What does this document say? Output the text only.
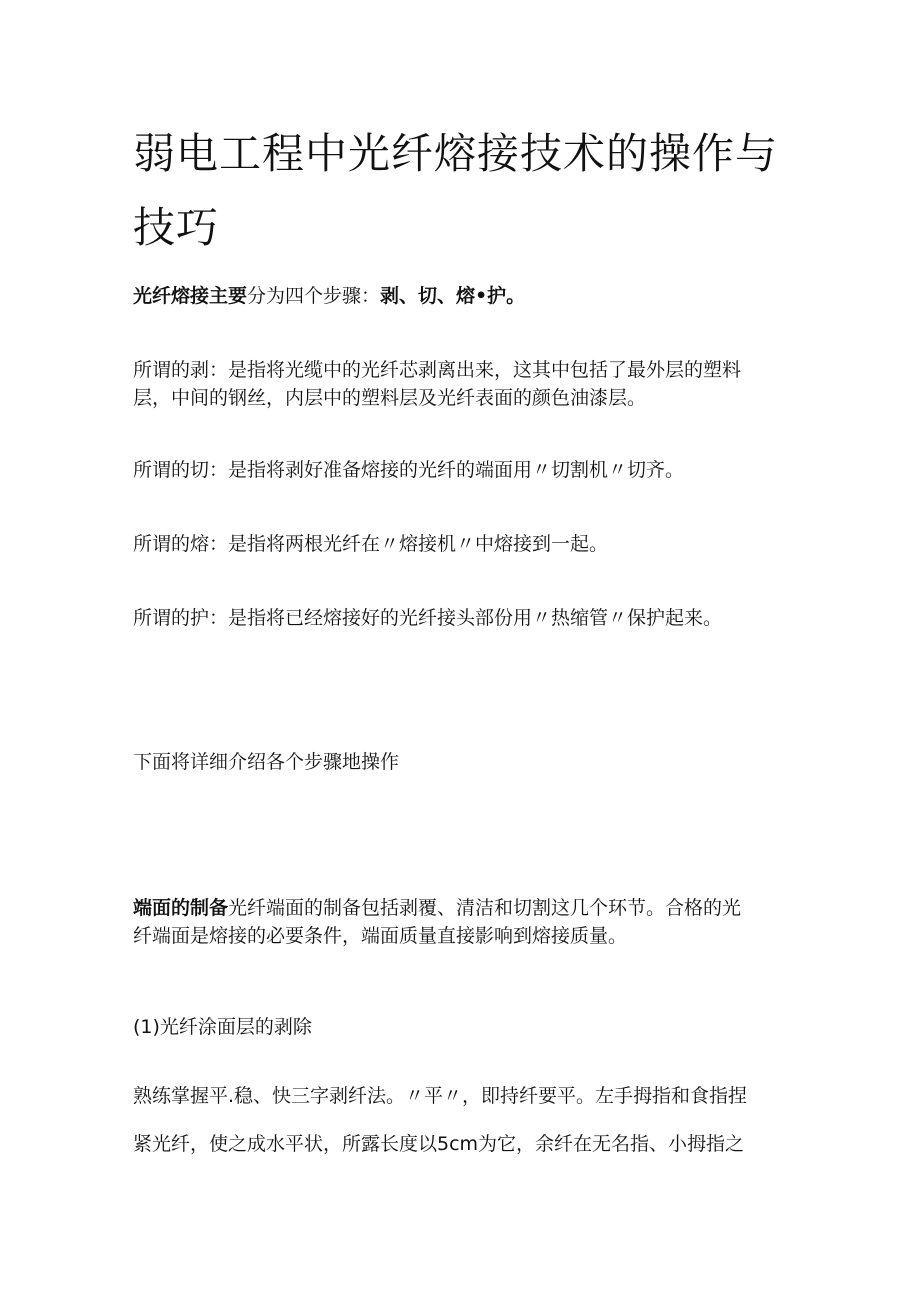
弱电工程中光纤熔接技术的操作与
技巧

光纤熔接主要分为四个步骤：剥、切、熔•护。

所谓的剥：是指将光缆中的光纤芯剥离出来，这其中包括了最外层的塑料

层，中间的钢丝，内层中的塑料层及光纤表面的颜色油漆层。

所谓的切：是指将剥好准备熔接的光纤的端面用〃切割机〃切齐。

所谓的熔：是指将两根光纤在〃熔接机〃中熔接到一起。

所谓的护：是指将已经熔接好的光纤接头部份用〃热缩管〃保护起来。

下面将详细介绍各个步骤地操作

端面的制备光纤端面的制备包括剥覆、清洁和切割这几个环节。合格的光

纤端面是熔接的必要条件，端面质量直接影响到熔接质量。

(1)光纤涂面层的剥除

熟练掌握平.稳、快三字剥纤法。〃平〃，即持纤要平。左手拇指和食指捏

紧光纤，使之成水平状，所露长度以5cm为它，余纤在无名指、小拇指之
